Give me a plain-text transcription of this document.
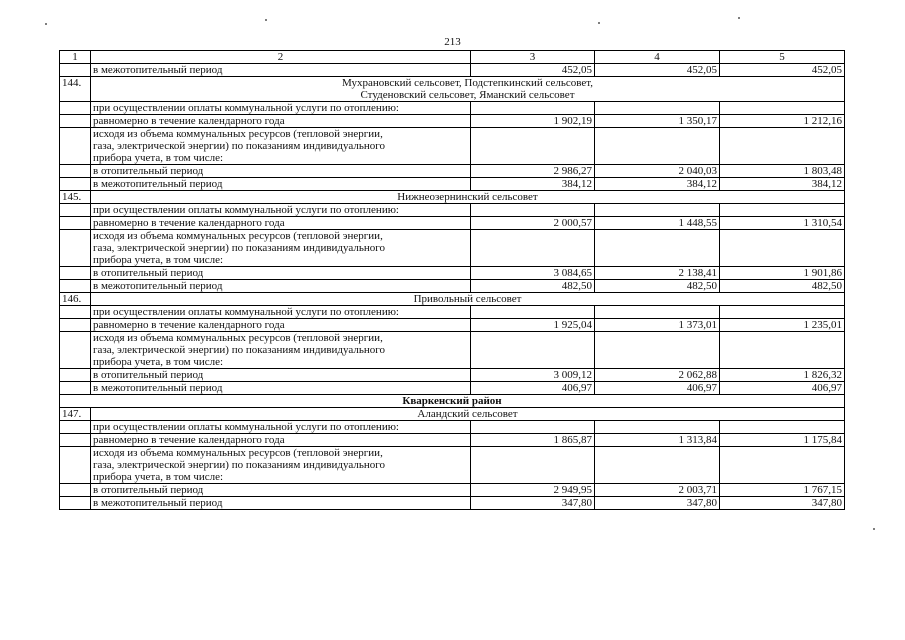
213
1	2	3	4	5
	в межотопительный период	452,05	452,05	452,05
144.	Мухрановский сельсовет, Подстепкинский сельсовет,
Студеновский сельсовет, Яманский сельсовет			

	при осуществлении оплаты коммунальной услуги по отоплению:			
	равномерно в течение календарного года	1 902,19	1 350,17	1 212,16

	исходя из объема коммунальных ресурсов (тепловой энергии,
газа, электрической энергии) по показаниям индивидуального
прибора учета, в том числе:			

	в отопительный период	2 986,27	2 040,03	1 803,48
	в межотопительный период	384,12	384,12	384,12
145.	Нижнеозернинский сельсовет			

	при осуществлении оплаты коммунальной услуги по отоплению:			
	равномерно в течение календарного года	2 000,57	1 448,55	1 310,54

	исходя из объема коммунальных ресурсов (тепловой энергии,
газа, электрической энергии) по показаниям индивидуального
прибора учета, в том числе:			

	в отопительный период	3 084,65	2 138,41	1 901,86
	в межотопительный период	482,50	482,50	482,50
146.	Привольный сельсовет			

	при осуществлении оплаты коммунальной услуги по отоплению:			
	равномерно в течение календарного года	1 925,04	1 373,01	1 235,01

	исходя из объема коммунальных ресурсов (тепловой энергии,
газа, электрической энергии) по показаниям индивидуального
прибора учета, в том числе:			

	в отопительный период	3 009,12	2 062,88	1 826,32
	в межотопительный период	406,97	406,97	406,97
Кваркенский район				
147.	Аландский сельсовет			

	при осуществлении оплаты коммунальной услуги по отоплению:			
	равномерно в течение календарного года	1 865,87	1 313,84	1 175,84

	исходя из объема коммунальных ресурсов (тепловой энергии,
газа, электрической энергии) по показаниям индивидуального
прибора учета, в том числе:			

	в отопительный период	2 949,95	2 003,71	1 767,15
	в межотопительный период	347,80	347,80	347,80
